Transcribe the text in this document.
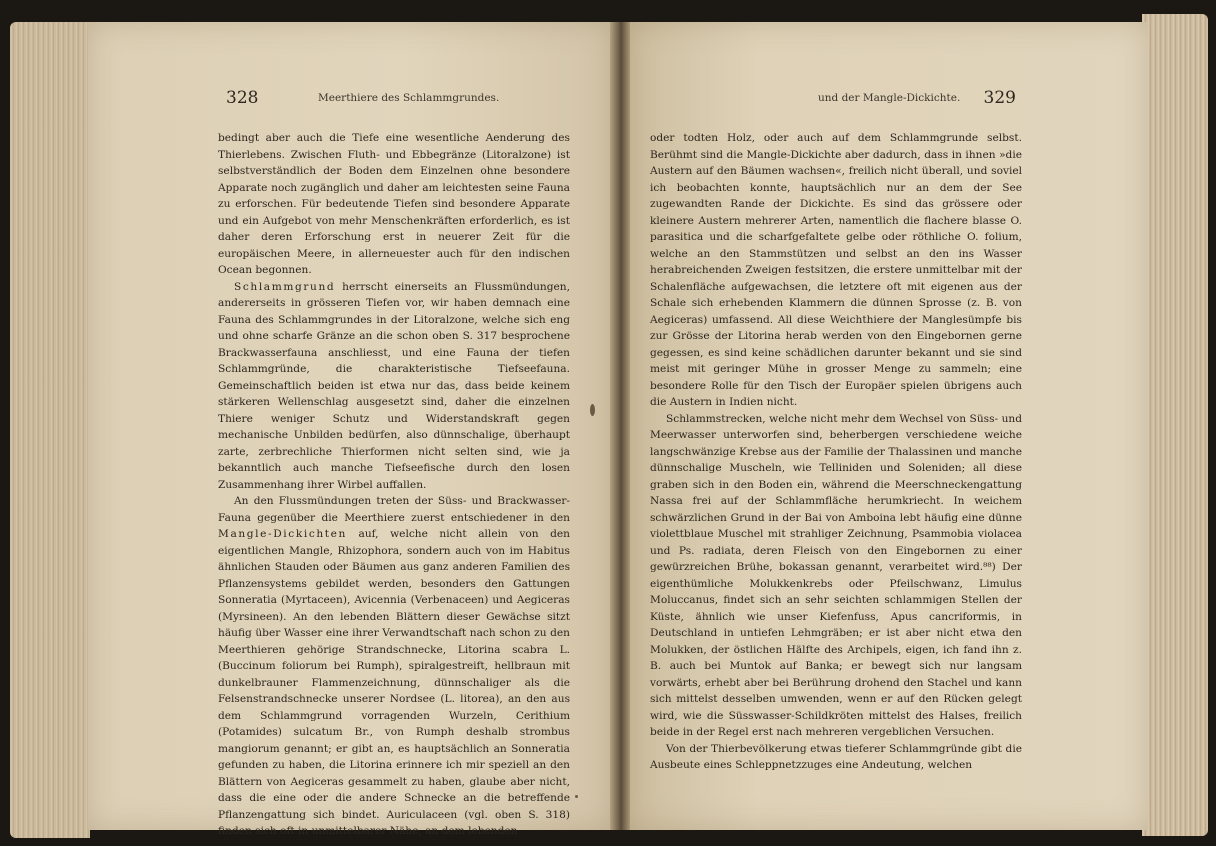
328	Meerthiere des Schlammgrundes.

bedingt aber auch die Tiefe eine wesentliche Aenderung des Thierlebens. Zwischen Fluth- und Ebbegränze (Litoralzone) ist selbstverständlich der Boden dem Einzelnen ohne besondere Apparate noch zugänglich und daher am leichtesten seine Fauna zu erforschen. Für bedeutende Tiefen sind besondere Apparate und ein Aufgebot von mehr Menschenkräften erforderlich, es ist daher deren Erforschung erst in neuerer Zeit für die europäischen Meere, in allerneuester auch für den indischen Ocean begonnen.

Schlammgrund herrscht einerseits an Flussmündungen, andererseits in grösseren Tiefen vor, wir haben demnach eine Fauna des Schlammgrundes in der Litoralzone, welche sich eng und ohne scharfe Gränze an die schon oben S. 317 besprochene Brackwasserfauna anschliesst, und eine Fauna der tiefen Schlammgründe, die charakteristische Tiefseefauna. Gemeinschaftlich beiden ist etwa nur das, dass beide keinem stärkeren Wellenschlag ausgesetzt sind, daher die einzelnen Thiere weniger Schutz und Widerstandskraft gegen mechanische Unbilden bedürfen, also dünnschalige, überhaupt zarte, zerbrechliche Thierformen nicht selten sind, wie ja bekanntlich auch manche Tiefseefische durch den losen Zusammenhang ihrer Wirbel auffallen.

An den Flussmündungen treten der Süss- und Brackwasser-Fauna gegenüber die Meerthiere zuerst entschiedener in den Mangle-Dickichten auf, welche nicht allein von den eigentlichen Mangle, Rhizophora, sondern auch von im Habitus ähnlichen Stauden oder Bäumen aus ganz anderen Familien des Pflanzensystems gebildet werden, besonders den Gattungen Sonneratia (Myrtaceen), Avicennia (Verbenaceen) und Aegiceras (Myrsineen). An den lebenden Blättern dieser Gewächse sitzt häufig über Wasser eine ihrer Verwandtschaft nach schon zu den Meerthieren gehörige Strandschnecke, Litorina scabra L. (Buccinum foliorum bei Rumph), spiralgestreift, hellbraun mit dunkelbrauner Flammenzeichnung, dünnschaliger als die Felsenstrandschnecke unserer Nordsee (L. litorea), an den aus dem Schlammgrund vorragenden Wurzeln, Cerithium (Potamides) sulcatum Br., von Rumph deshalb strombus mangiorum genannt; er gibt an, es hauptsächlich an Sonneratia gefunden zu haben, die Litorina erinnere ich mir speziell an den Blättern von Aegiceras gesammelt zu haben, glaube aber nicht, dass die eine oder die andere Schnecke an die betreffende Pflanzengattung sich bindet. Auriculaceen (vgl. oben S. 318) finden sich oft in unmittelbarer Nähe, an dem lebenden

und der Mangle-Dickichte. 329

oder todten Holz, oder auch auf dem Schlammgrunde selbst. Berühmt sind die Mangle-Dickichte aber dadurch, dass in ihnen »die Austern auf den Bäumen wachsen«, freilich nicht überall, und soviel ich beobachten konnte, hauptsächlich nur an dem der See zugewandten Rande der Dickichte. Es sind das grössere oder kleinere Austern mehrerer Arten, namentlich die flachere blasse O. parasitica und die scharfgefaltete gelbe oder röthliche O. folium, welche an den Stammstützen und selbst an den ins Wasser herabreichenden Zweigen festsitzen, die erstere unmittelbar mit der Schalenfläche aufgewachsen, die letztere oft mit eigenen aus der Schale sich erhebenden Klammern die dünnen Sprosse (z. B. von Aegiceras) umfassend. All diese Weichthiere der Manglesümpfe bis zur Grösse der Litorina herab werden von den Eingebornen gerne gegessen, es sind keine schädlichen darunter bekannt und sie sind meist mit geringer Mühe in grosser Menge zu sammeln; eine besondere Rolle für den Tisch der Europäer spielen übrigens auch die Austern in Indien nicht.

Schlammstrecken, welche nicht mehr dem Wechsel von Süss- und Meerwasser unterworfen sind, beherbergen verschiedene weiche langschwänzige Krebse aus der Familie der Thalassinen und manche dünnschalige Muscheln, wie Telliniden und Soleniden; all diese graben sich in den Boden ein, während die Meerschneckengattung Nassa frei auf der Schlammfläche herumkriecht. In weichem schwärzlichen Grund in der Bai von Amboina lebt häufig eine dünne violettblaue Muschel mit strahliger Zeichnung, Psammobia violacea und Ps. radiata, deren Fleisch von den Eingebornen zu einer gewürzreichen Brühe, bokassan genannt, verarbeitet wird.⁸⁸) Der eigenthümliche Molukkenkrebs oder Pfeilschwanz, Limulus Moluccanus, findet sich an sehr seichten schlammigen Stellen der Küste, ähnlich wie unser Kiefenfuss, Apus cancriformis, in Deutschland in untiefen Lehmgräben; er ist aber nicht etwa den Molukken, der östlichen Hälfte des Archipels, eigen, ich fand ihn z. B. auch bei Muntok auf Banka; er bewegt sich nur langsam vorwärts, erhebt aber bei Berührung drohend den Stachel und kann sich mittelst desselben umwenden, wenn er auf den Rücken gelegt wird, wie die Süsswasser-Schildkröten mittelst des Halses, freilich beide in der Regel erst nach mehreren vergeblichen Versuchen.

Von der Thierbevölkerung etwas tieferer Schlammgründe gibt die Ausbeute eines Schleppnetzzuges eine Andeutung, welchen
